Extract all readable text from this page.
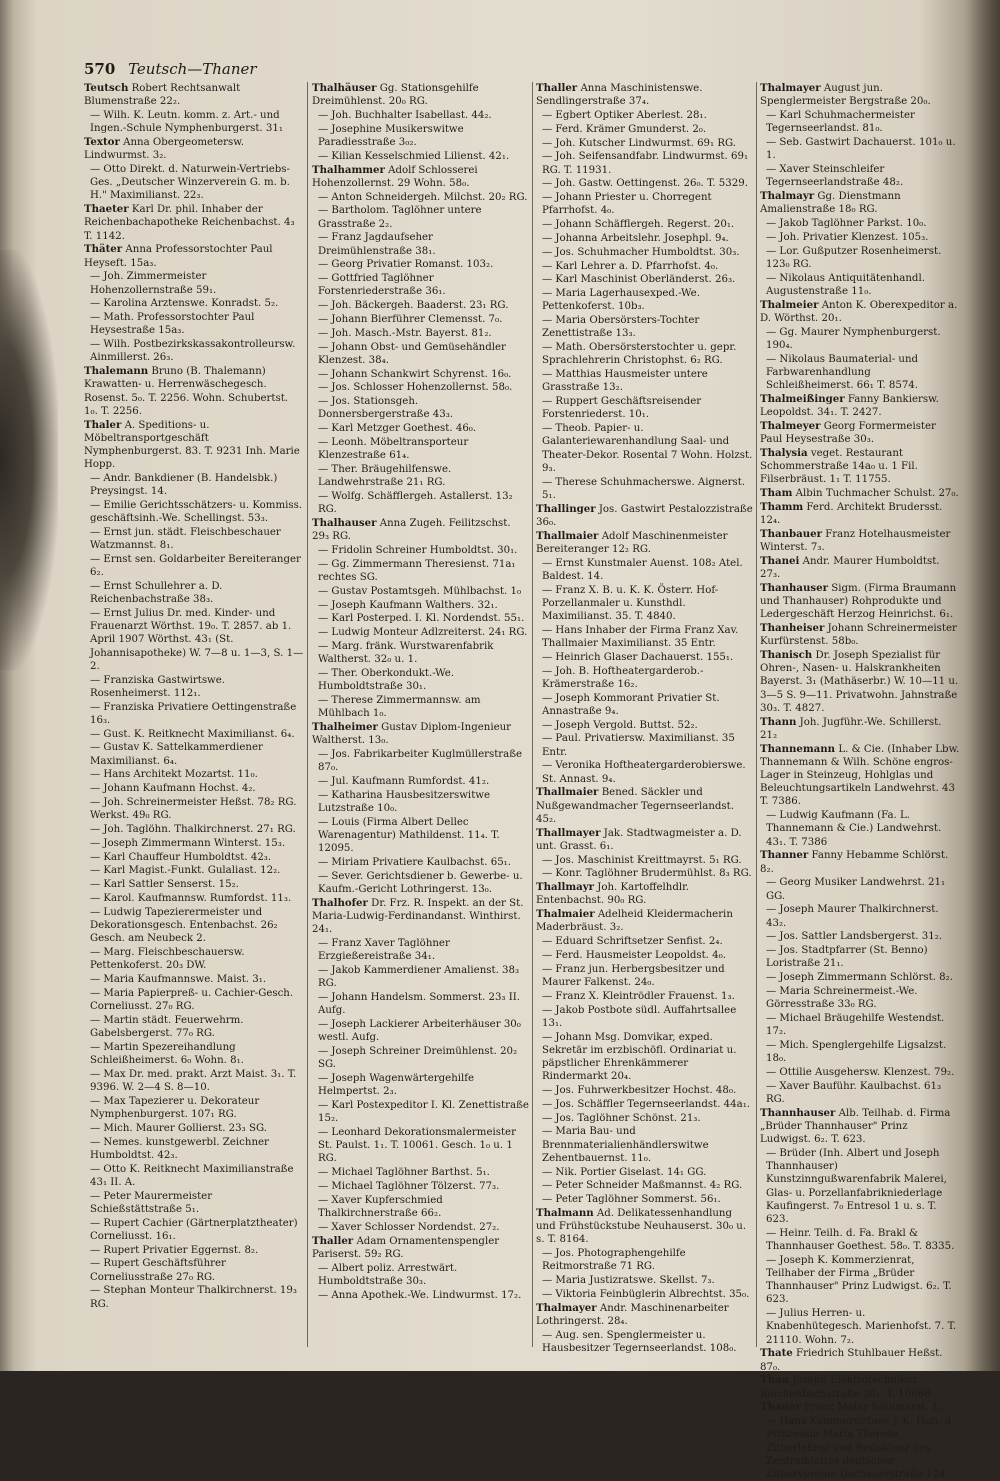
570 Teutsch—Thaner
Teutsch Robert Rechtsanwalt Blumenstraße 22₂.
— Wilh. K. Leutn. komm. z. Art.- und Ingen.-Schule Nymphenburgerst. 31₁
Textor Anna Obergeometersw. Lindwurmst. 3₂.
— Otto Direkt. d. Naturwein-Vertriebs-Ges. „Deutscher Winzerverein G. m. b. H." Maximilianst. 22₃.
Thaeter Karl Dr. phil. Inhaber der Reichenbachapotheke Reichenbachst. 4₃ T. 1142.
Thäter Anna Professorstochter Paul Heyseft. 15a₃.
— Joh. Zimmermeister Hohenzollernstraße 59₁.
— Karolina Arztenswe. Konradst. 5₂.
— Math. Professorstochter Paul Heysestraße 15a₃.
— Wilh. Postbezirkskassakontrolleursw. Ainmillerst. 26₃.
Thalemann Bruno (B. Thalemann) Krawatten- u. Herrenwäschegesch. Rosenst. 5₀. T. 2256. Wohn. Schubertst. 1₀. T. 2256.
Thaler A. Speditions- u. Möbeltransportgeschäft Nymphenburgerst. 83. T. 9231 Inh. Marie Hopp.
— Andr. Bankdiener (B. Handelsbk.) Preysingst. 14.
— Emilie Gerichtsschätzers- u. Kommiss. geschäftsinh.-We. Schellingst. 53₃.
— Ernst jun. städt. Fleischbeschauer Watzmannst. 8₁.
— Ernst sen. Goldarbeiter Bereiteranger 6₂.
— Ernst Schullehrer a. D. Reichenbachstraße 38₃.
— Ernst Julius Dr. med. Kinder- und Frauenarzt Wörthst. 19₀. T. 2857. ab 1. April 1907 Wörthst. 43₁ (St. Johannisapotheke) W. 7—8 u. 1—3, S. 1—2.
— Franziska Gastwirtswe. Rosenheimerst. 112₁.
— Franziska Privatiere Oettingenstraße 16₃.
— Gust. K. Reitknecht Maximilianst. 6₄.
— Gustav K. Sattelkammerdiener Maximilianst. 6₄.
— Hans Architekt Mozartst. 11₀.
— Johann Kaufmann Hochst. 4₂.
— Joh. Schreinermeister Heßst. 78₂ RG. Werkst. 49₀ RG.
— Joh. Taglöhn. Thalkirchnerst. 27₁ RG.
— Joseph Zimmermann Winterst. 15₃.
— Karl Chauffeur Humboldtst. 42₃.
— Karl Magist.-Funkt. Gulaliast. 12₂.
— Karl Sattler Senserst. 15₂.
— Karol. Kaufmannsw. Rumfordst. 11₃.
— Ludwig Tapezierermeister und Dekorationsgesch. Entenbachst. 26₂ Gesch. am Neubeck 2.
— Marg. Fleischbeschauersw. Pettenkoferst. 20₃ DW.
— Maria Kaufmannswe. Maist. 3₁.
— Maria Papierpreß- u. Cachier-Gesch. Corneliusst. 27₀ RG.
— Martin städt. Feuerwehrm. Gabelsbergerst. 77₀ RG.
— Martin Spezereihandlung Schleißheimerst. 6₀ Wohn. 8₁.
— Max Dr. med. prakt. Arzt Maist. 3₁. T. 9396. W. 2—4 S. 8—10.
— Max Tapezierer u. Dekorateur Nymphenburgerst. 107₁ RG.
— Mich. Maurer Gollierst. 23₃ SG.
— Nemes. kunstgewerbl. Zeichner Humboldtst. 42₃.
— Otto K. Reitknecht Maximilianstraße 43₁ II. A.
— Peter Maurermeister Schießstättstraße 5₁.
— Rupert Cachier (Gärtnerplatztheater) Corneliusst. 16₁.
— Rupert Privatier Eggernst. 8₂.
— Rupert Geschäftsführer Corneliusstraße 27₀ RG.
— Stephan Monteur Thalkirchnerst. 19₃ RG.
Thalhäuser Gg. Stationsgehilfe Dreimühlenst. 20₀ RG.
— Joh. Buchhalter Isabellast. 44₂.
— Josephine Musikerswitwe Paradiesstraße 3₀₂.
— Kilian Kesselschmied Lilienst. 42₁.
Thalhammer Adolf Schlosserei Hohenzollernst. 29 Wohn. 58₀.
— Anton Schneidergeh. Milchst. 20₂ RG.
— Bartholom. Taglöhner untere Grasstraße 2₂.
— Franz Jagdaufseher Dreimühlenstraße 38₁.
— Georg Privatier Romanst. 103₂.
— Gottfried Taglöhner Forstenriederstraße 36₁.
— Joh. Bäckergeh. Baaderst. 23₁ RG.
— Johann Bierführer Clemensst. 7₀.
— Joh. Masch.-Mstr. Bayerst. 81₂.
— Johann Obst- und Gemüsehändler Klenzest. 38₄.
— Johann Schankwirt Schyrenst. 16₀.
— Jos. Schlosser Hohenzollernst. 58₀.
— Jos. Stationsgeh. Donnersbergerstraße 43₃.
— Karl Metzger Goethest. 46₀.
— Leonh. Möbeltransporteur Klenzestraße 61₄.
— Ther. Bräugehilfenswe. Landwehrstraße 21₁ RG.
— Wolfg. Schäfflergeh. Astallerst. 13₂ RG.
Thalhauser Anna Zugeh. Feilitzschst. 29₃ RG.
— Fridolin Schreiner Humboldtst. 30₁.
— Gg. Zimmermann Theresienst. 71a₁ rechtes SG.
— Gustav Postamtsgeh. Mühlbachst. 1₀
— Joseph Kaufmann Walthers. 32₁.
— Karl Posterped. I. Kl. Nordendst. 55₁.
— Ludwig Monteur Adlzreiterst. 24₁ RG.
— Marg. fränk. Wurstwarenfabrik Waltherst. 32₀ u. 1.
— Ther. Oberkondukt.-We. Humboldtstraße 30₁.
— Therese Zimmermannsw. am Mühlbach 1₀.
Thalheimer Gustav Diplom-Ingenieur Waltherst. 13₀.
— Jos. Fabrikarbeiter Kuglmüllerstraße 87₀.
— Jul. Kaufmann Rumfordst. 41₂.
— Katharina Hausbesitzerswitwe Lutzstraße 10₀.
— Louis (Firma Albert Dellec Warenagentur) Mathildenst. 11₄. T. 12095.
— Miriam Privatiere Kaulbachst. 65₁.
— Sever. Gerichtsdiener b. Gewerbe- u. Kaufm.-Gericht Lothringerst. 13₀.
Thalhofer Dr. Frz. R. Inspekt. an der St. Maria-Ludwig-Ferdinandanst. Winthirst. 24₁.
— Franz Xaver Taglöhner Erzgießereistraße 34₁.
— Jakob Kammerdiener Amalienst. 38₃ RG.
— Johann Handelsm. Sommerst. 23₃ II. Aufg.
— Joseph Lackierer Arbeiterhäuser 30₀ westl. Aufg.
— Joseph Schreiner Dreimühlenst. 20₂ SG.
— Joseph Wagenwärtergehilfe Helmpertst. 2₃.
— Karl Postexpeditor I. Kl. Zenettistraße 15₂.
— Leonhard Dekorationsmalermeister St. Paulst. 1₁. T. 10061. Gesch. 1₀ u. 1 RG.
— Michael Taglöhner Barthst. 5₁.
— Michael Taglöhner Tölzerst. 77₃.
— Xaver Kupferschmied Thalkirchnerstraße 66₂.
— Xaver Schlosser Nordendst. 27₂.
Thaller Adam Ornamentenspengler Pariserst. 59₂ RG.
— Albert poliz. Arrestwärt. Humboldtstraße 30₃.
— Anna Apothek.-We. Lindwurmst. 17₂.
Thaller Anna Maschinistenswe. Sendlingerstraße 37₄.
— Egbert Optiker Aberlest. 28₁.
— Ferd. Krämer Gmunderst. 2₀.
— Joh. Kutscher Lindwurmst. 69₁ RG.
— Joh. Seifensandfabr. Lindwurmst. 69₁ RG. T. 11931.
— Joh. Gastw. Oettingenst. 26₀. T. 5329.
— Johann Priester u. Chorregent Pfarrhofst. 4₀.
— Johann Schäfflergeh. Regerst. 20₁.
— Johanna Arbeitslehr. Josephpl. 9₄.
— Jos. Schuhmacher Humboldtst. 30₃.
— Karl Lehrer a. D. Pfarrhofst. 4₀.
— Karl Maschinist Oberländerst. 26₃.
— Maria Lagerhausexped.-We. Pettenkoferst. 10b₃.
— Maria Obersörsters-Tochter Zenettistraße 13₃.
— Math. Obersörsterstochter u. gepr. Sprachlehrerin Christophst. 6₂ RG.
— Matthias Hausmeister untere Grasstraße 13₂.
— Ruppert Geschäftsreisender Forstenriederst. 10₁.
— Theob. Papier- u. Galanteriewarenhandlung Saal- und Theater-Dekor. Rosental 7 Wohn. Holzst. 9₃.
— Therese Schuhmacherswe. Aignerst. 5₁.
Thallinger Jos. Gastwirt Pestalozzistraße 36₀.
Thallmaier Adolf Maschinenmeister Bereiteranger 12₂ RG.
— Ernst Kunstmaler Auenst. 108₂ Atel. Baldest. 14.
— Franz X. B. u. K. K. Österr. Hof-Porzellanmaler u. Kunsthdl. Maximilianst. 35. T. 4840.
— Hans Inhaber der Firma Franz Xav. Thallmaier Maximilianst. 35 Entr.
— Heinrich Glaser Dachauerst. 155₁.
— Joh. B. Hoftheatergarderob.-Krämerstraße 16₂.
— Joseph Kommorant Privatier St. Annastraße 9₄.
— Joseph Vergold. Buttst. 52₂.
— Paul. Privatiersw. Maximilianst. 35 Entr.
— Veronika Hoftheatergarderobierswe. St. Annast. 9₄.
Thallmaier Bened. Säckler und Nußgewandmacher Tegernseerlandst. 45₂.
Thallmayer Jak. Stadtwagmeister a. D. unt. Grasst. 6₁.
— Jos. Maschinist Kreittmayrst. 5₁ RG.
— Konr. Taglöhner Brudermühlst. 8₃ RG.
Thallmayr Joh. Kartoffelhdlr. Entenbachst. 90₀ RG.
Thalmaier Adelheid Kleidermacherin Maderbräust. 3₂.
— Eduard Schriftsetzer Senfist. 2₄.
— Ferd. Hausmeister Leopoldst. 4₀.
— Franz jun. Herbergsbesitzer und Maurer Falkenst. 24₀.
— Franz X. Kleintrödler Frauenst. 1₃.
— Jakob Postbote südl. Auffahrtsallee 13₁.
— Johann Msg. Domvikar, exped. Sekretär im erzbischöfl. Ordinariat u. päpstlicher Ehrenkämmerer Rindermarkt 20₄.
— Jos. Fuhrwerkbesitzer Hochst. 48₀.
— Jos. Schäffler Tegernseerlandst. 44a₁.
— Jos. Taglöhner Schönst. 21₃.
— Maria Bau- und Brennmaterialienhändlerswitwe Zehentbauernst. 11₀.
— Nik. Portier Giselast. 14₁ GG.
— Peter Schneider Maßmannst. 4₂ RG.
— Peter Taglöhner Sommerst. 56₁.
Thalmann Ad. Delikatessenhandlung und Frühstückstube Neuhauserst. 30₀ u. s. T. 8164.
— Jos. Photographengehilfe Reitmorstraße 71 RG.
— Maria Justizratswe. Skellst. 7₃.
— Viktoria Feinbüglerin Albrechtst. 35₀.
Thalmayer Andr. Maschinenarbeiter Lothringerst. 28₄.
— Aug. sen. Spenglermeister u. Hausbesitzer Tegernseerlandst. 108₀.
Thalmayer August jun. Spenglermeister Bergstraße 20₀.
— Karl Schuhmachermeister Tegernseerlandst. 81₀.
— Seb. Gastwirt Dachauerst. 101₀ u. 1.
— Xaver Steinschleifer Tegernseerlandstraße 48₂.
Thalmayr Gg. Dienstmann Amalienstraße 18₀ RG.
— Jakob Taglöhner Parkst. 10₀.
— Joh. Privatier Klenzest. 105₃.
— Lor. Gußputzer Rosenheimerst. 123₀ RG.
— Nikolaus Antiquitätenhandl. Augustenstraße 11₀.
Thalmeier Anton K. Oberexpeditor a. D. Wörthst. 20₁.
— Gg. Maurer Nymphenburgerst. 190₄.
— Nikolaus Baumaterial- und Farbwarenhandlung Schleißheimerst. 66₁ T. 8574.
Thalmeißinger Fanny Bankiersw. Leopoldst. 34₁. T. 2427.
Thalmeyer Georg Formermeister Paul Heysestraße 30₃.
Thalysia veget. Restaurant Schommerstraße 14a₀ u. 1 Fil. Filserbräust. 1₁ T. 11755.
Tham Albin Tuchmacher Schulst. 27₀.
Thamm Ferd. Architekt Brudersst. 12₄.
Thanbauer Franz Hotelhausmeister Winterst. 7₃.
Thanei Andr. Maurer Humboldtst. 27₃.
Thanhauser Sigm. (Firma Braumann und Thanhauser) Rohprodukte und Ledergeschäft Herzog Heinrichst. 6₁.
Thanheiser Johann Schreinermeister Kurfürstenst. 58b₀.
Thanisch Dr. Joseph Spezialist für Ohren-, Nasen- u. Halskrankheiten Bayerst. 3₁ (Mathäserbr.) W. 10—11 u. 3—5 S. 9—11. Privatwohn. Jahnstraße 30₃. T. 4827.
Thann Joh. Jugführ.-We. Schillerst. 21₂
Thannemann L. & Cie. (Inhaber Lbw. Thannemann & Wilh. Schöne engros-Lager in Steinzeug, Hohlglas und Beleuchtungsartikeln Landwehrst. 43 T. 7386.
— Ludwig Kaufmann (Fa. L. Thannemann & Cie.) Landwehrst. 43₁. T. 7386
Thanner Fanny Hebamme Schlörst. 8₂.
— Georg Musiker Landwehrst. 21₁ GG.
— Joseph Maurer Thalkirchnerst. 43₂.
— Jos. Sattler Landsbergerst. 31₂.
— Jos. Stadtpfarrer (St. Benno) Loristraße 21₁.
— Joseph Zimmermann Schlörst. 8₂.
— Maria Schreinermeist.-We. Görresstraße 33₀ RG.
— Michael Bräugehilfe Westendst. 17₂.
— Mich. Spenglergehilfe Ligsalzst. 18₀.
— Ottilie Ausgehersw. Klenzest. 79₂.
— Xaver Bauführ. Kaulbachst. 61₃ RG.
Thannhauser Alb. Teilhab. d. Firma „Brüder Thannhauser" Prinz Ludwigst. 6₂. T. 623.
— Brüder (Inh. Albert und Joseph Thannhauser) Kunstzinngußwarenfabrik Malerei, Glas- u. Porzellanfabrikniederlage Kaufingerst. 7₀ Entresol 1 u. s. T. 623.
— Heinr. Teilh. d. Fa. Brakl & Thannhauser Goethest. 58₀. T. 8335.
— Joseph K. Kommerzienrat, Teilhaber der Firma „Brüder Thannhauser" Prinz Ludwigst. 6₂. T. 623.
— Julius Herren- u. Knabenhütegesch. Marienhofst. 7. T. 21110. Wohn. 7₂.
Thate Friedrich Stuhlbauer Heßst. 87₀.
Thau Joseph Elektrotechniker Reichenbachstraße 30₁. T. 10668.
Thauer Franz Maler Bothmerst. 1₂.
— Hans Kammervirtuos J. K. Hoh. d. Prinzessin Maria Therese Zitherlehrer und Redakteur des Zentralblattes deutscher Zithervereine Dachauerstraße 124.
